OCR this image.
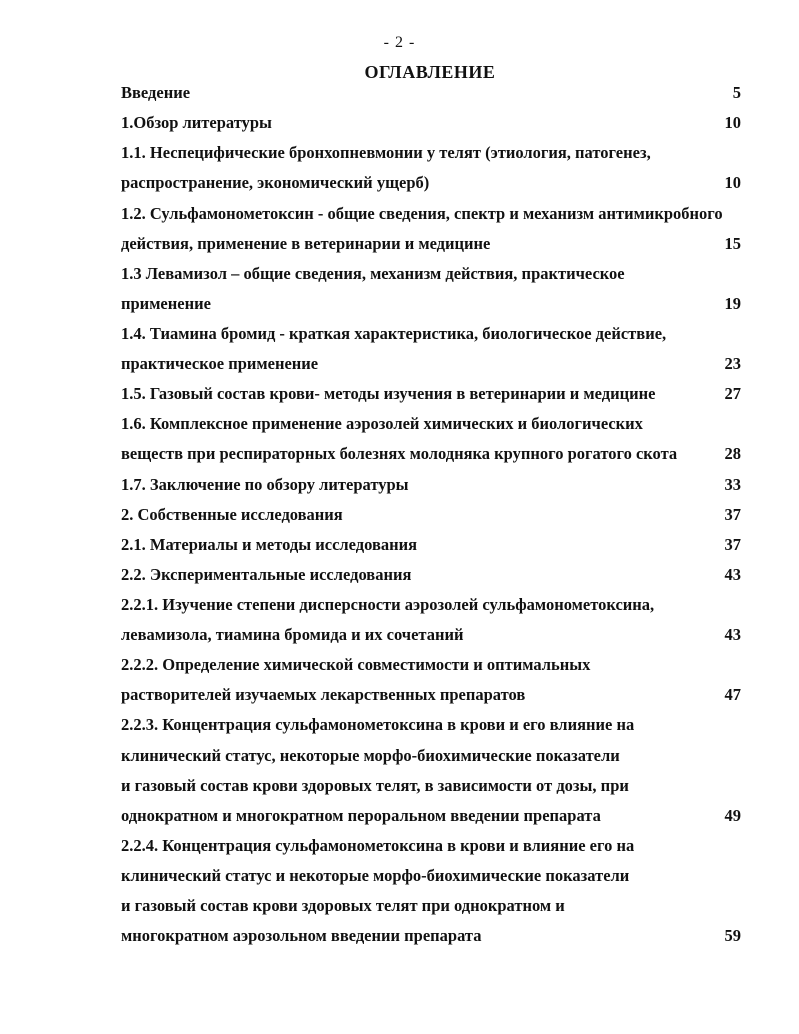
- 2 -
ОГЛАВЛЕНИЕ
Введение	5
1.Обзор литературы	10
1.1. Неспецифические бронхопневмонии у телят (этиология, патогенез,
распространение, экономический ущерб)	10
1.2. Сульфамонометоксин - общие сведения, спектр и механизм антимикробного
действия, применение в ветеринарии и медицине	15
1.3 Левамизол – общие сведения, механизм действия, практическое
применение	19
1.4. Тиамина бромид - краткая характеристика, биологическое действие,
практическое применение	23
1.5. Газовый состав крови- методы изучения в ветеринарии и медицине	27
1.6. Комплексное применение аэрозолей химических и биологических
веществ при респираторных болезнях молодняка крупного рогатого скота	28
1.7. Заключение по обзору литературы	33
2. Собственные исследования	37
2.1. Материалы и методы исследования	37
2.2. Экспериментальные исследования	43
2.2.1. Изучение степени дисперсности аэрозолей сульфамонометоксина,
левамизола, тиамина бромида и их сочетаний	43
2.2.2. Определение химической совместимости и оптимальных
растворителей изучаемых лекарственных препаратов	47
2.2.3. Концентрация сульфамонометоксина в крови и его влияние на
клинический статус, некоторые морфо-биохимические показатели
и газовый состав крови здоровых телят, в зависимости от дозы, при
однократном и многократном пероральном введении препарата	49
2.2.4. Концентрация сульфамонометоксина в крови и влияние его на
клинический статус и некоторые морфо-биохимические показатели
и газовый состав крови здоровых телят при однократном и
многократном аэрозольном введении препарата	59
